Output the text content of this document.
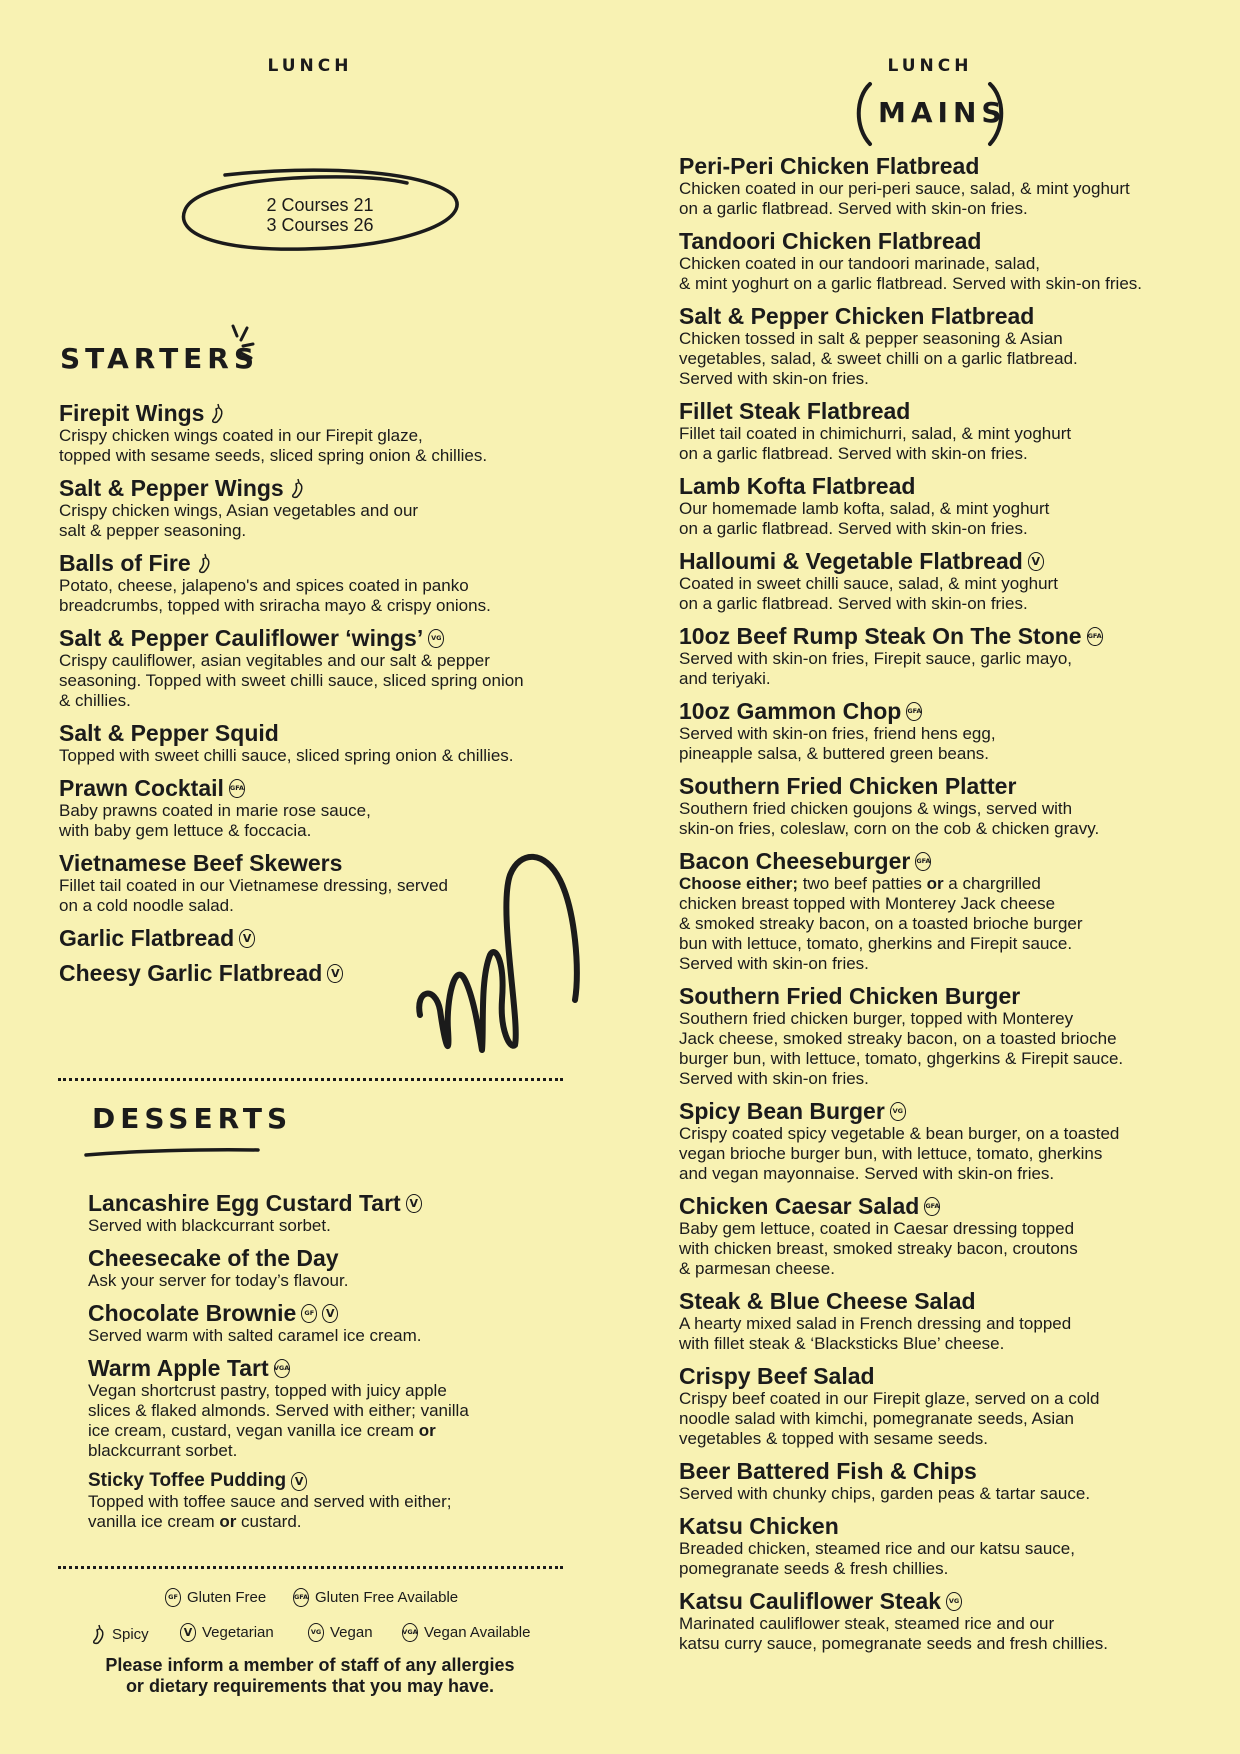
LUNCH
2 Courses 21
3 Courses 26
STARTERS
Firepit Wings
Crispy chicken wings coated in our Firepit glaze,
topped with sesame seeds, sliced spring onion & chillies.
Salt & Pepper Wings
Crispy chicken wings, Asian vegetables and our
salt & pepper seasoning.
Balls of Fire
Potato, cheese, jalapeno's and spices coated in panko
breadcrumbs, topped with sriracha mayo & crispy onions.
Salt & Pepper Cauliflower ‘wings’	VG
Crispy cauliflower, asian vegitables and our salt & pepper
seasoning. Topped with sweet chilli sauce, sliced spring onion
& chillies.
Salt & Pepper Squid
Topped with sweet chilli sauce, sliced spring onion & chillies.
Prawn Cocktail GFA
Baby prawns coated in marie rose sauce,
with baby gem lettuce & foccacia.
Vietnamese Beef Skewers
Fillet tail coated in our Vietnamese dressing, served
on a cold noodle salad.
Garlic Flatbread V
Cheesy Garlic Flatbread V
DESSERTS
Lancashire Egg Custard Tart V
Served with blackcurrant sorbet.
Cheesecake of the Day
Ask your server for today’s flavour.
Chocolate Brownie	GF	V
Served warm with salted caramel ice cream.
Warm Apple Tart VGA
Vegan shortcrust pastry, topped with juicy apple
slices & flaked almonds. Served with either; vanilla
ice cream, custard, vegan vanilla ice cream or
blackcurrant sorbet.
Sticky Toffee Pudding V
Topped with toffee sauce and served with either;
vanilla ice cream or custard.
GF Gluten Free	GFA Gluten Free Available
Spicy	V Vegetarian	VG Vegan	VGA Vegan Available
Please inform a member of staff of any allergies
or dietary requirements that you may have.
LUNCH
MAINS
Peri-Peri Chicken Flatbread
Chicken coated in our peri-peri sauce, salad, & mint yoghurt
on a garlic flatbread. Served with skin-on fries.
Tandoori Chicken Flatbread
Chicken coated in our tandoori marinade, salad,
& mint yoghurt on a garlic flatbread. Served with skin-on fries.
Salt & Pepper Chicken Flatbread
Chicken tossed in salt & pepper seasoning & Asian
vegetables, salad, & sweet chilli on a garlic flatbread.
Served with skin-on fries.
Fillet Steak Flatbread
Fillet tail coated in chimichurri, salad, & mint yoghurt
on a garlic flatbread. Served with skin-on fries.
Lamb Kofta Flatbread
Our homemade lamb kofta, salad, & mint yoghurt
on a garlic flatbread. Served with skin-on fries.
Halloumi & Vegetable Flatbread V
Coated in sweet chilli sauce, salad, & mint yoghurt
on a garlic flatbread. Served with skin-on fries.
10oz Beef Rump Steak On The Stone GFA
Served with skin-on fries, Firepit sauce, garlic mayo,
and teriyaki.
10oz Gammon Chop GFA
Served with skin-on fries, friend hens egg,
pineapple salsa, & buttered green beans.
Southern Fried Chicken Platter
Southern fried chicken goujons & wings, served with
skin-on fries, coleslaw, corn on the cob & chicken gravy.
Bacon Cheeseburger GFA
Choose either; two beef patties or a chargrilled
chicken breast topped with Monterey Jack cheese
& smoked streaky bacon, on a toasted brioche burger
bun with lettuce, tomato, gherkins and Firepit sauce.
Served with skin-on fries.
Southern Fried Chicken Burger
Southern fried chicken burger, topped with Monterey
Jack cheese, smoked streaky bacon, on a toasted brioche
burger bun, with lettuce, tomato, ghgerkins & Firepit sauce.
Served with skin-on fries.
Spicy Bean Burger	VG
Crispy coated spicy vegetable & bean burger, on a toasted
vegan brioche burger bun, with lettuce, tomato, gherkins
and vegan mayonnaise. Served with skin-on fries.
Chicken Caesar Salad GFA
Baby gem lettuce, coated in Caesar dressing topped
with chicken breast, smoked streaky bacon, croutons
& parmesan cheese.
Steak & Blue Cheese Salad
A hearty mixed salad in French dressing and topped
with fillet steak & ‘Blacksticks Blue’ cheese.
Crispy Beef Salad
Crispy beef coated in our Firepit glaze, served on a cold
noodle salad with kimchi, pomegranate seeds, Asian
vegetables & topped with sesame seeds.
Beer Battered Fish & Chips
Served with chunky chips, garden peas & tartar sauce.
Katsu Chicken
Breaded chicken, steamed rice and our katsu sauce,
pomegranate seeds & fresh chillies.
Katsu Cauliflower Steak	VG
Marinated cauliflower steak, steamed rice and our
katsu curry sauce, pomegranate seeds and fresh chillies.
